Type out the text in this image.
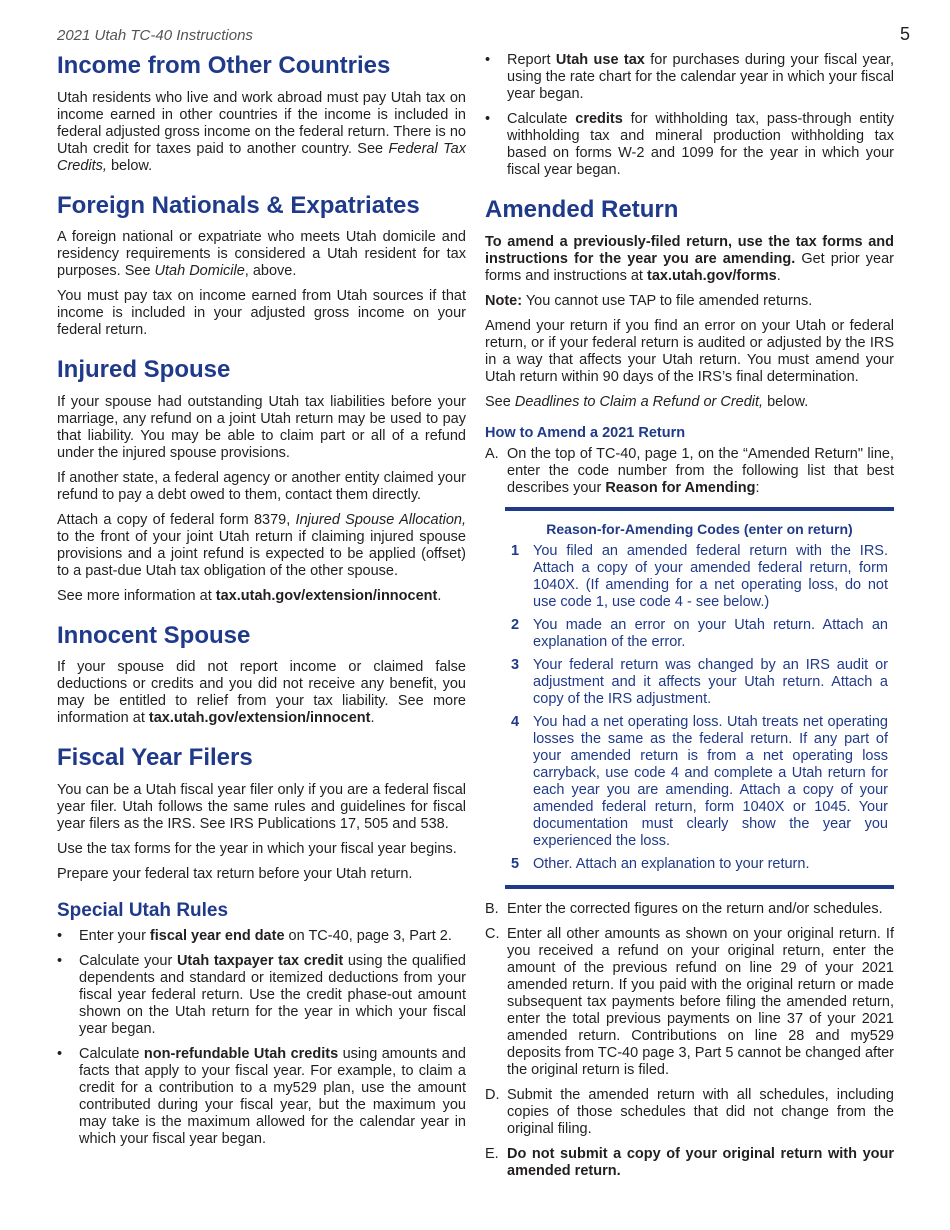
2021 Utah TC-40 Instructions	5
Income from Other Countries

Utah residents who live and work abroad must pay Utah tax on income earned in other countries if the income is included in federal adjusted gross income on the federal return. There is no Utah credit for taxes paid to another country. See Federal Tax Credits, below.

Foreign Nationals & Expatriates

A foreign national or expatriate who meets Utah domicile and residency requirements is considered a Utah resident for tax purposes. See Utah Domicile, above.

You must pay tax on income earned from Utah sources if that income is included in your adjusted gross income on your federal return.

Injured Spouse

If your spouse had outstanding Utah tax liabilities before your marriage, any refund on a joint Utah return may be used to pay that liability. You may be able to claim part or all of a refund under the injured spouse provisions.

If another state, a federal agency or another entity claimed your refund to pay a debt owed to them, contact them directly.

Attach a copy of federal form 8379, Injured Spouse Allocation, to the front of your joint Utah return if claiming injured spouse provisions and a joint refund is expected to be applied (offset) to a past-due Utah tax obligation of the other spouse.

See more information at tax.utah.gov/extension/innocent.

Innocent Spouse

If your spouse did not report income or claimed false deductions or credits and you did not receive any benefit, you may be entitled to relief from your tax liability. See more information at tax.utah.gov/extension/innocent.

Fiscal Year Filers

You can be a Utah fiscal year filer only if you are a federal fiscal year filer. Utah follows the same rules and guidelines for fiscal year filers as the IRS. See IRS Publications 17, 505 and 538.

Use the tax forms for the year in which your fiscal year begins.

Prepare your federal tax return before your Utah return.

Special Utah Rules
• Enter your fiscal year end date on TC-40, page 3, Part 2.
• Calculate your Utah taxpayer tax credit using the qualified dependents and standard or itemized deductions from your fiscal year federal return. Use the credit phase-out amount shown on the Utah return for the year in which your fiscal year began.
• Calculate non-refundable Utah credits using amounts and facts that apply to your fiscal year. For example, to claim a credit for a contribution to a my529 plan, use the amount contributed during your fiscal year, but the maximum you may take is the maximum allowed for the calendar year in which your fiscal year began.
• Report Utah use tax for purchases during your fiscal year, using the rate chart for the calendar year in which your fiscal year began.
• Calculate credits for withholding tax, pass-through entity withholding tax and mineral production withholding tax based on forms W-2 and 1099 for the year in which your fiscal year began.
Amended Return

To amend a previously-filed return, use the tax forms and instructions for the year you are amending. Get prior year forms and instructions at tax.utah.gov/forms.

Note: You cannot use TAP to file amended returns.

Amend your return if you find an error on your Utah or federal return, or if your federal return is audited or adjusted by the IRS in a way that affects your Utah return. You must amend your Utah return within 90 days of the IRS’s final determination.

See Deadlines to Claim a Refund or Credit, below.

How to Amend a 2021 Return
A. On the top of TC-40, page 1, on the “Amended Return" line, enter the code number from the following list that best describes your Reason for Amending:
Reason-for-Amending Codes (enter on return)
1 You filed an amended federal return with the IRS. Attach a copy of your amended federal return, form 1040X. (If amending for a net operating loss, do not use code 1, use code 4 - see below.)
2 You made an error on your Utah return. Attach an explanation of the error.
3 Your federal return was changed by an IRS audit or adjustment and it affects your Utah return. Attach a copy of the IRS adjustment.
4 You had a net operating loss. Utah treats net operating losses the same as the federal return. If any part of your amended return is from a net operating loss carryback, use code 4 and complete a Utah return for each year you are amending. Attach a copy of your amended federal return, form 1040X or 1045. Your documentation must clearly show the year you experienced the loss.
5 Other. Attach an explanation to your return.
B. Enter the corrected figures on the return and/or schedules.
C. Enter all other amounts as shown on your original return. If you received a refund on your original return, enter the amount of the previous refund on line 29 of your 2021 amended return. If you paid with the original return or made subsequent tax payments before filing the amended return, enter the total previous payments on line 37 of your 2021 amended return. Contributions on line 28 and my529 deposits from TC-40 page 3, Part 5 cannot be changed after the original return is filed.
D. Submit the amended return with all schedules, including copies of those schedules that did not change from the original filing.
E. Do not submit a copy of your original return with your amended return.
